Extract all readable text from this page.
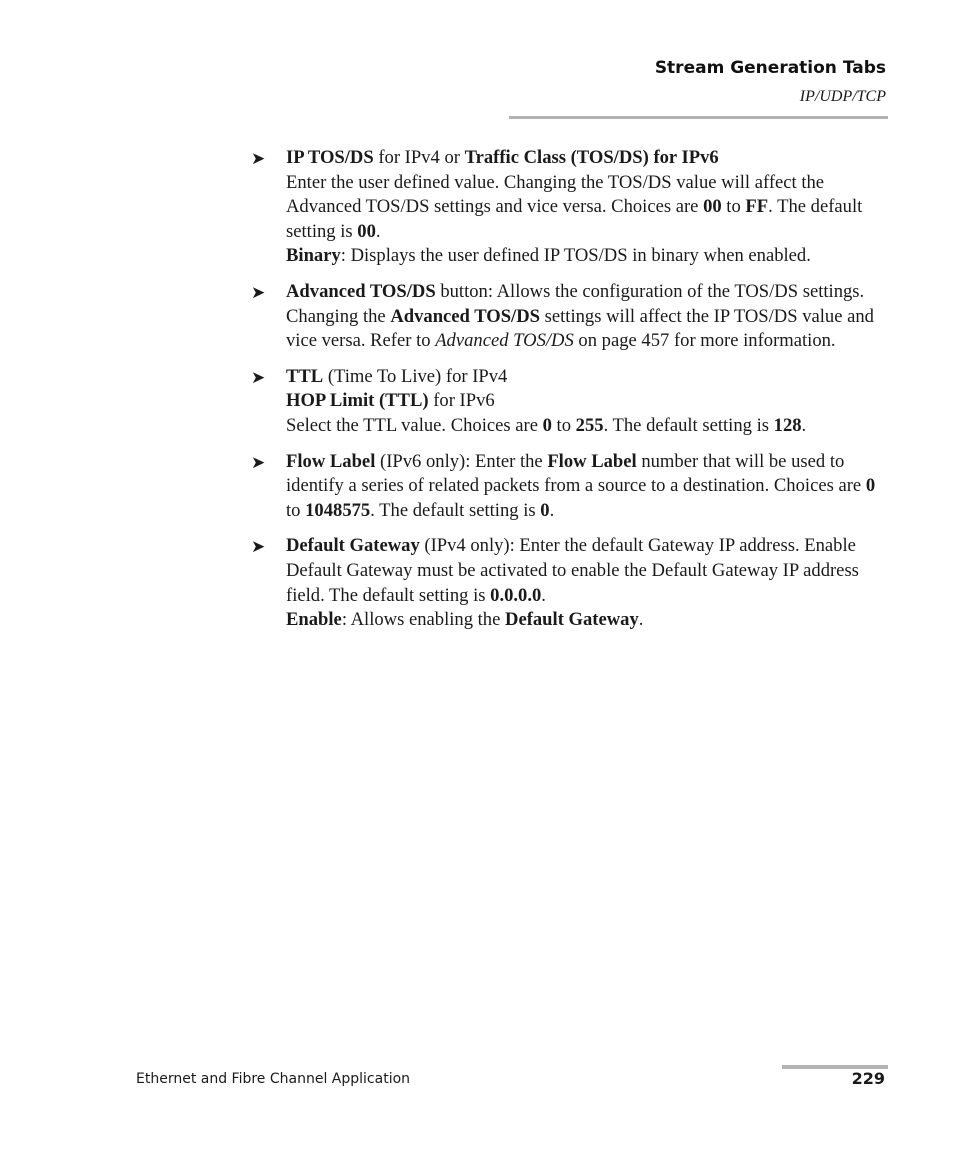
Stream Generation Tabs
IP/UDP/TCP
➤ IP TOS/DS for IPv4 or Traffic Class (TOS/DS) for IPv6

Enter the user defined value. Changing the TOS/DS value will affect the Advanced TOS/DS settings and vice versa. Choices are 00 to FF. The default setting is 00.

Binary: Displays the user defined IP TOS/DS in binary when enabled.

➤ Advanced TOS/DS button: Allows the configuration of the TOS/DS settings. Changing the Advanced TOS/DS settings will affect the IP TOS/DS value and vice versa. Refer to Advanced TOS/DS on page 457 for more information.

➤ TTL (Time To Live) for IPv4

HOP Limit (TTL) for IPv6

Select the TTL value. Choices are 0 to 255. The default setting is 128.

➤ Flow Label (IPv6 only): Enter the Flow Label number that will be used to identify a series of related packets from a source to a destination. Choices are 0 to 1048575. The default setting is 0.

➤ Default Gateway (IPv4 only): Enter the default Gateway IP address. Enable Default Gateway must be activated to enable the Default Gateway IP address field. The default setting is 0.0.0.0.

Enable: Allows enabling the Default Gateway.

Ethernet and Fibre Channel Application	229
